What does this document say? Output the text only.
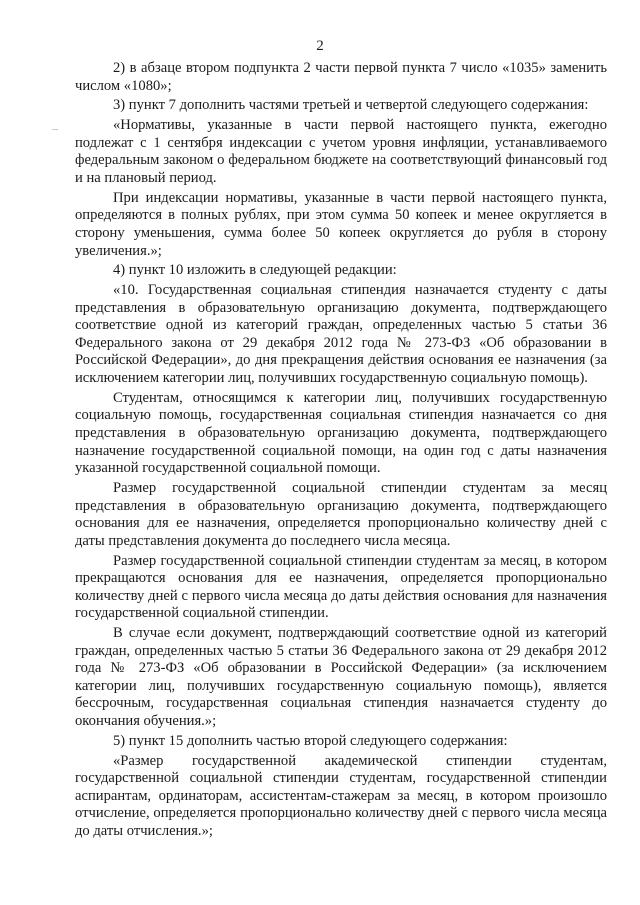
2

2) в абзаце втором подпункта 2 части первой пункта 7 число «1035» заменить числом «1080»;

3) пункт 7 дополнить частями третьей и четвертой следующего содержания:

«Нормативы, указанные в части первой настоящего пункта, ежегодно подлежат с 1 сентября индексации с учетом уровня инфляции, устанавливаемого федеральным законом о федеральном бюджете на соответствующий финансовый год и на плановый период.

При индексации нормативы, указанные в части первой настоящего пункта, определяются в полных рублях, при этом сумма 50 копеек и менее округляется в сторону уменьшения, сумма более 50 копеек округляется до рубля в сторону увеличения.»;

4) пункт 10 изложить в следующей редакции:

«10. Государственная социальная стипендия назначается студенту с даты представления в образовательную организацию документа, подтверждающего соответствие одной из категорий граждан, определенных частью 5 статьи 36 Федерального закона от 29 декабря 2012 года № 273-ФЗ «Об образовании в Российской Федерации», до дня прекращения действия основания ее назначения (за исключением категории лиц, получивших государственную социальную помощь).

Студентам, относящимся к категории лиц, получивших государственную социальную помощь, государственная социальная стипендия назначается со дня представления в образовательную организацию документа, подтверждающего назначение государственной социальной помощи, на один год с даты назначения указанной государственной социальной помощи.

Размер государственной социальной стипендии студентам за месяц представления в образовательную организацию документа, подтверждающего основания для ее назначения, определяется пропорционально количеству дней с даты представления документа до последнего числа месяца.

Размер государственной социальной стипендии студентам за месяц, в котором прекращаются основания для ее назначения, определяется пропорционально количеству дней с первого числа месяца до даты действия основания для назначения государственной социальной стипендии.

В случае если документ, подтверждающий соответствие одной из категорий граждан, определенных частью 5 статьи 36 Федерального закона от 29 декабря 2012 года № 273-ФЗ «Об образовании в Российской Федерации» (за исключением категории лиц, получивших государственную социальную помощь), является бессрочным, государственная социальная стипендия назначается студенту до окончания обучения.»;

5) пункт 15 дополнить частью второй следующего содержания:

«Размер государственной академической стипендии студентам, государственной социальной стипендии студентам, государственной стипендии аспирантам, ординаторам, ассистентам-стажерам за месяц, в котором произошло отчисление, определяется пропорционально количеству дней с первого числа месяца до даты отчисления.»;
